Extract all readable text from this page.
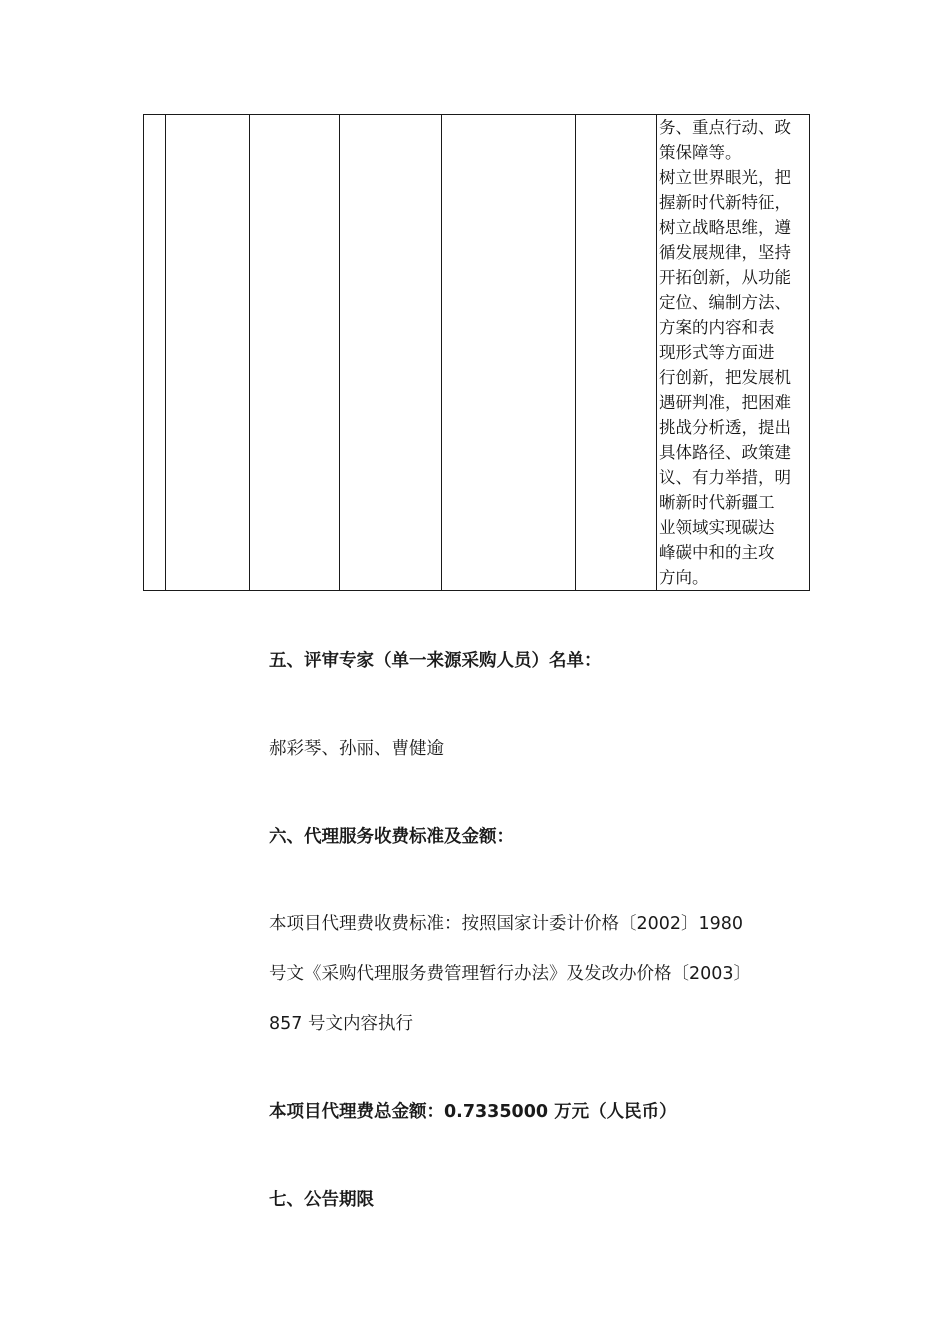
务、重点行动、政
策保障等。

树立世界眼光，把
握新时代新特征，
树立战略思维，遵
循发展规律，坚持
开拓创新，从功能
定位、编制方法、
方案的内容和表
现形式等方面进
行创新，把发展机
遇研判准，把困难
挑战分析透，提出
具体路径、政策建
议、有力举措，明
晰新时代新疆工
业领域实现碳达
峰碳中和的主攻
方向。

五、评审专家（单一来源采购人员）名单：

郝彩琴、孙丽、曹健逾

六、代理服务收费标准及金额：

本项目代理费收费标准：按照国家计委计价格〔2002〕1980

号文《采购代理服务费管理暂行办法》及发改办价格〔2003〕

857 号文内容执行

本项目代理费总金额：0.7335000 万元（人民币）

七、公告期限
